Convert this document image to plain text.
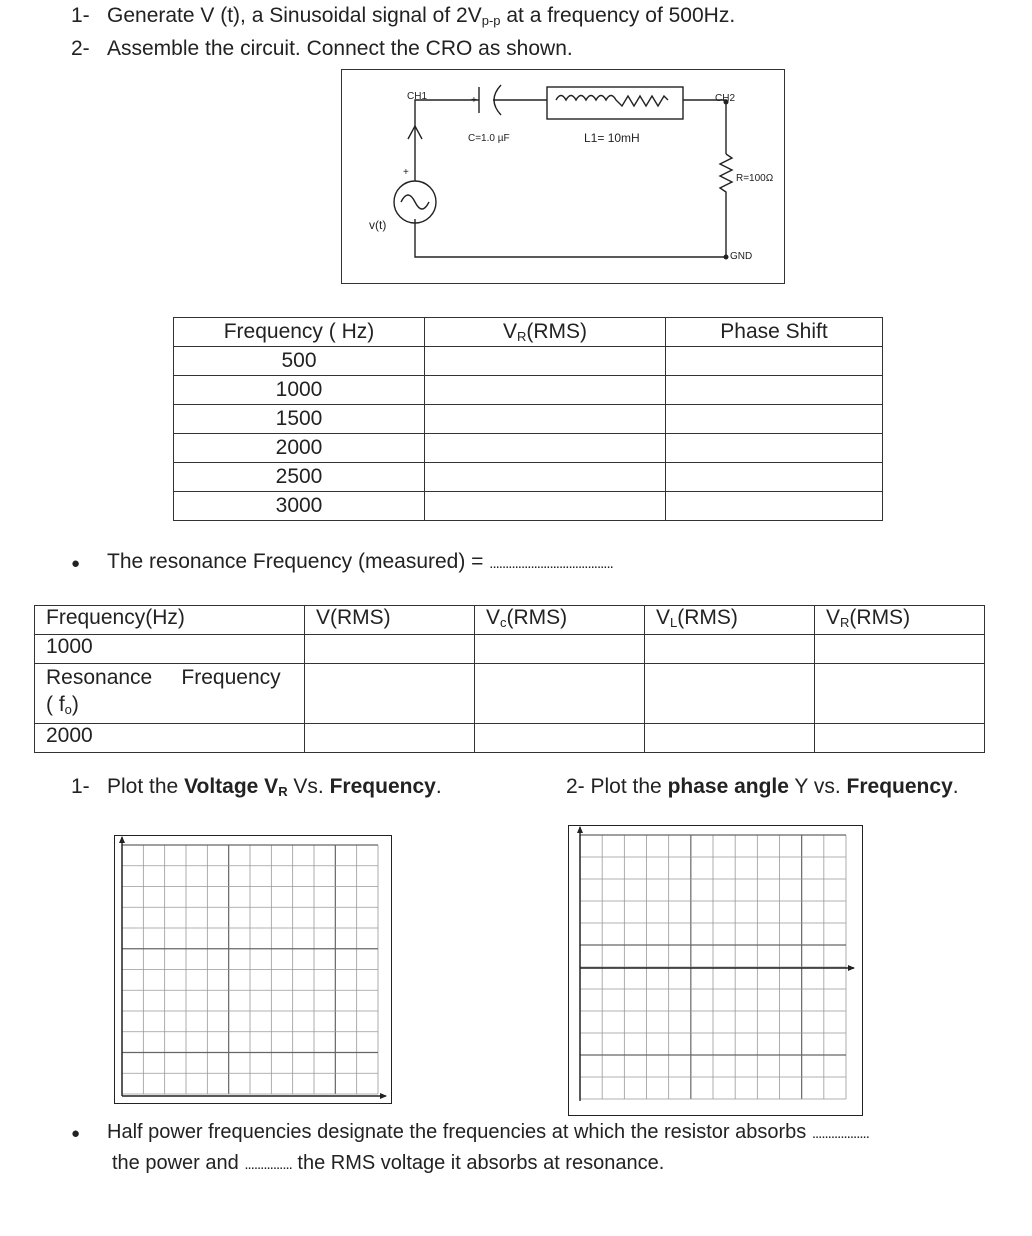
1- Generate V (t), a Sinusoidal signal of $2V_{p-p}$ at a frequency of 500Hz.
2- Assemble the circuit. Connect the CRO as shown.
CH1	CH2
+
+
C=1.0 µF	L1= 10mH
R=100Ω
v(t)
GND
Frequency ( Hz)	$V_R(RMS)$	Phase Shift
500		
1000		
1500		
2000		
2500		
3000		
● The resonance Frequency (measured) = .......................................
Frequency(Hz)	V(RMS)	$V_c(RMS)$	$V_L(RMS)$	$V_R(RMS)$
1000				
Resonance     Frequency
( $f_o$)				
2000				
1- Plot the Voltage $V_R$ Vs. Frequency.	2- Plot the phase angle Y vs. Frequency.
● Half power frequencies designate the frequencies at which the resistor absorbs ..................
the power and ............... the RMS voltage it absorbs at resonance.
